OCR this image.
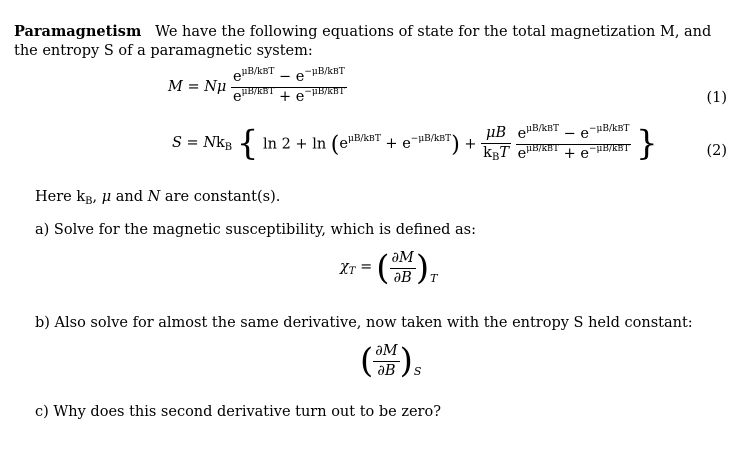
Paramagnetism We have the following equations of state for the total magnetization M, and the entropy S of a paramagnetic system:
M = Nμ $\frac{e^{\mu B/kBT} - e^{-\mu B/kBT}}{e^{\mu B/kBT} + e^{-\mu B/kBT}}$	(1)
$S = Nk_B$ { $\ln 2 + \ln (e^{\mu B/kBT} + e^{-\mu B/kBT}) + \frac{\mu B}{k_BT}$
$\frac{e^{\mu B/kBT} - e^{-\mu B/kBT}}{e^{\mu B/kBT} + e^{-\mu B/kBT}}$ }	(2)
Here $k_B$, μ and N are constant(s).
a) Solve for the magnetic susceptibility, which is defined as:
$\chi_T$ = ( $\frac{\partial M}{\partial B}$ ) T
b) Also solve for almost the same derivative, now taken with the entropy S held constant:
( $\frac{\partial M}{\partial B}$ ) S
c) Why does this second derivative turn out to be zero?
